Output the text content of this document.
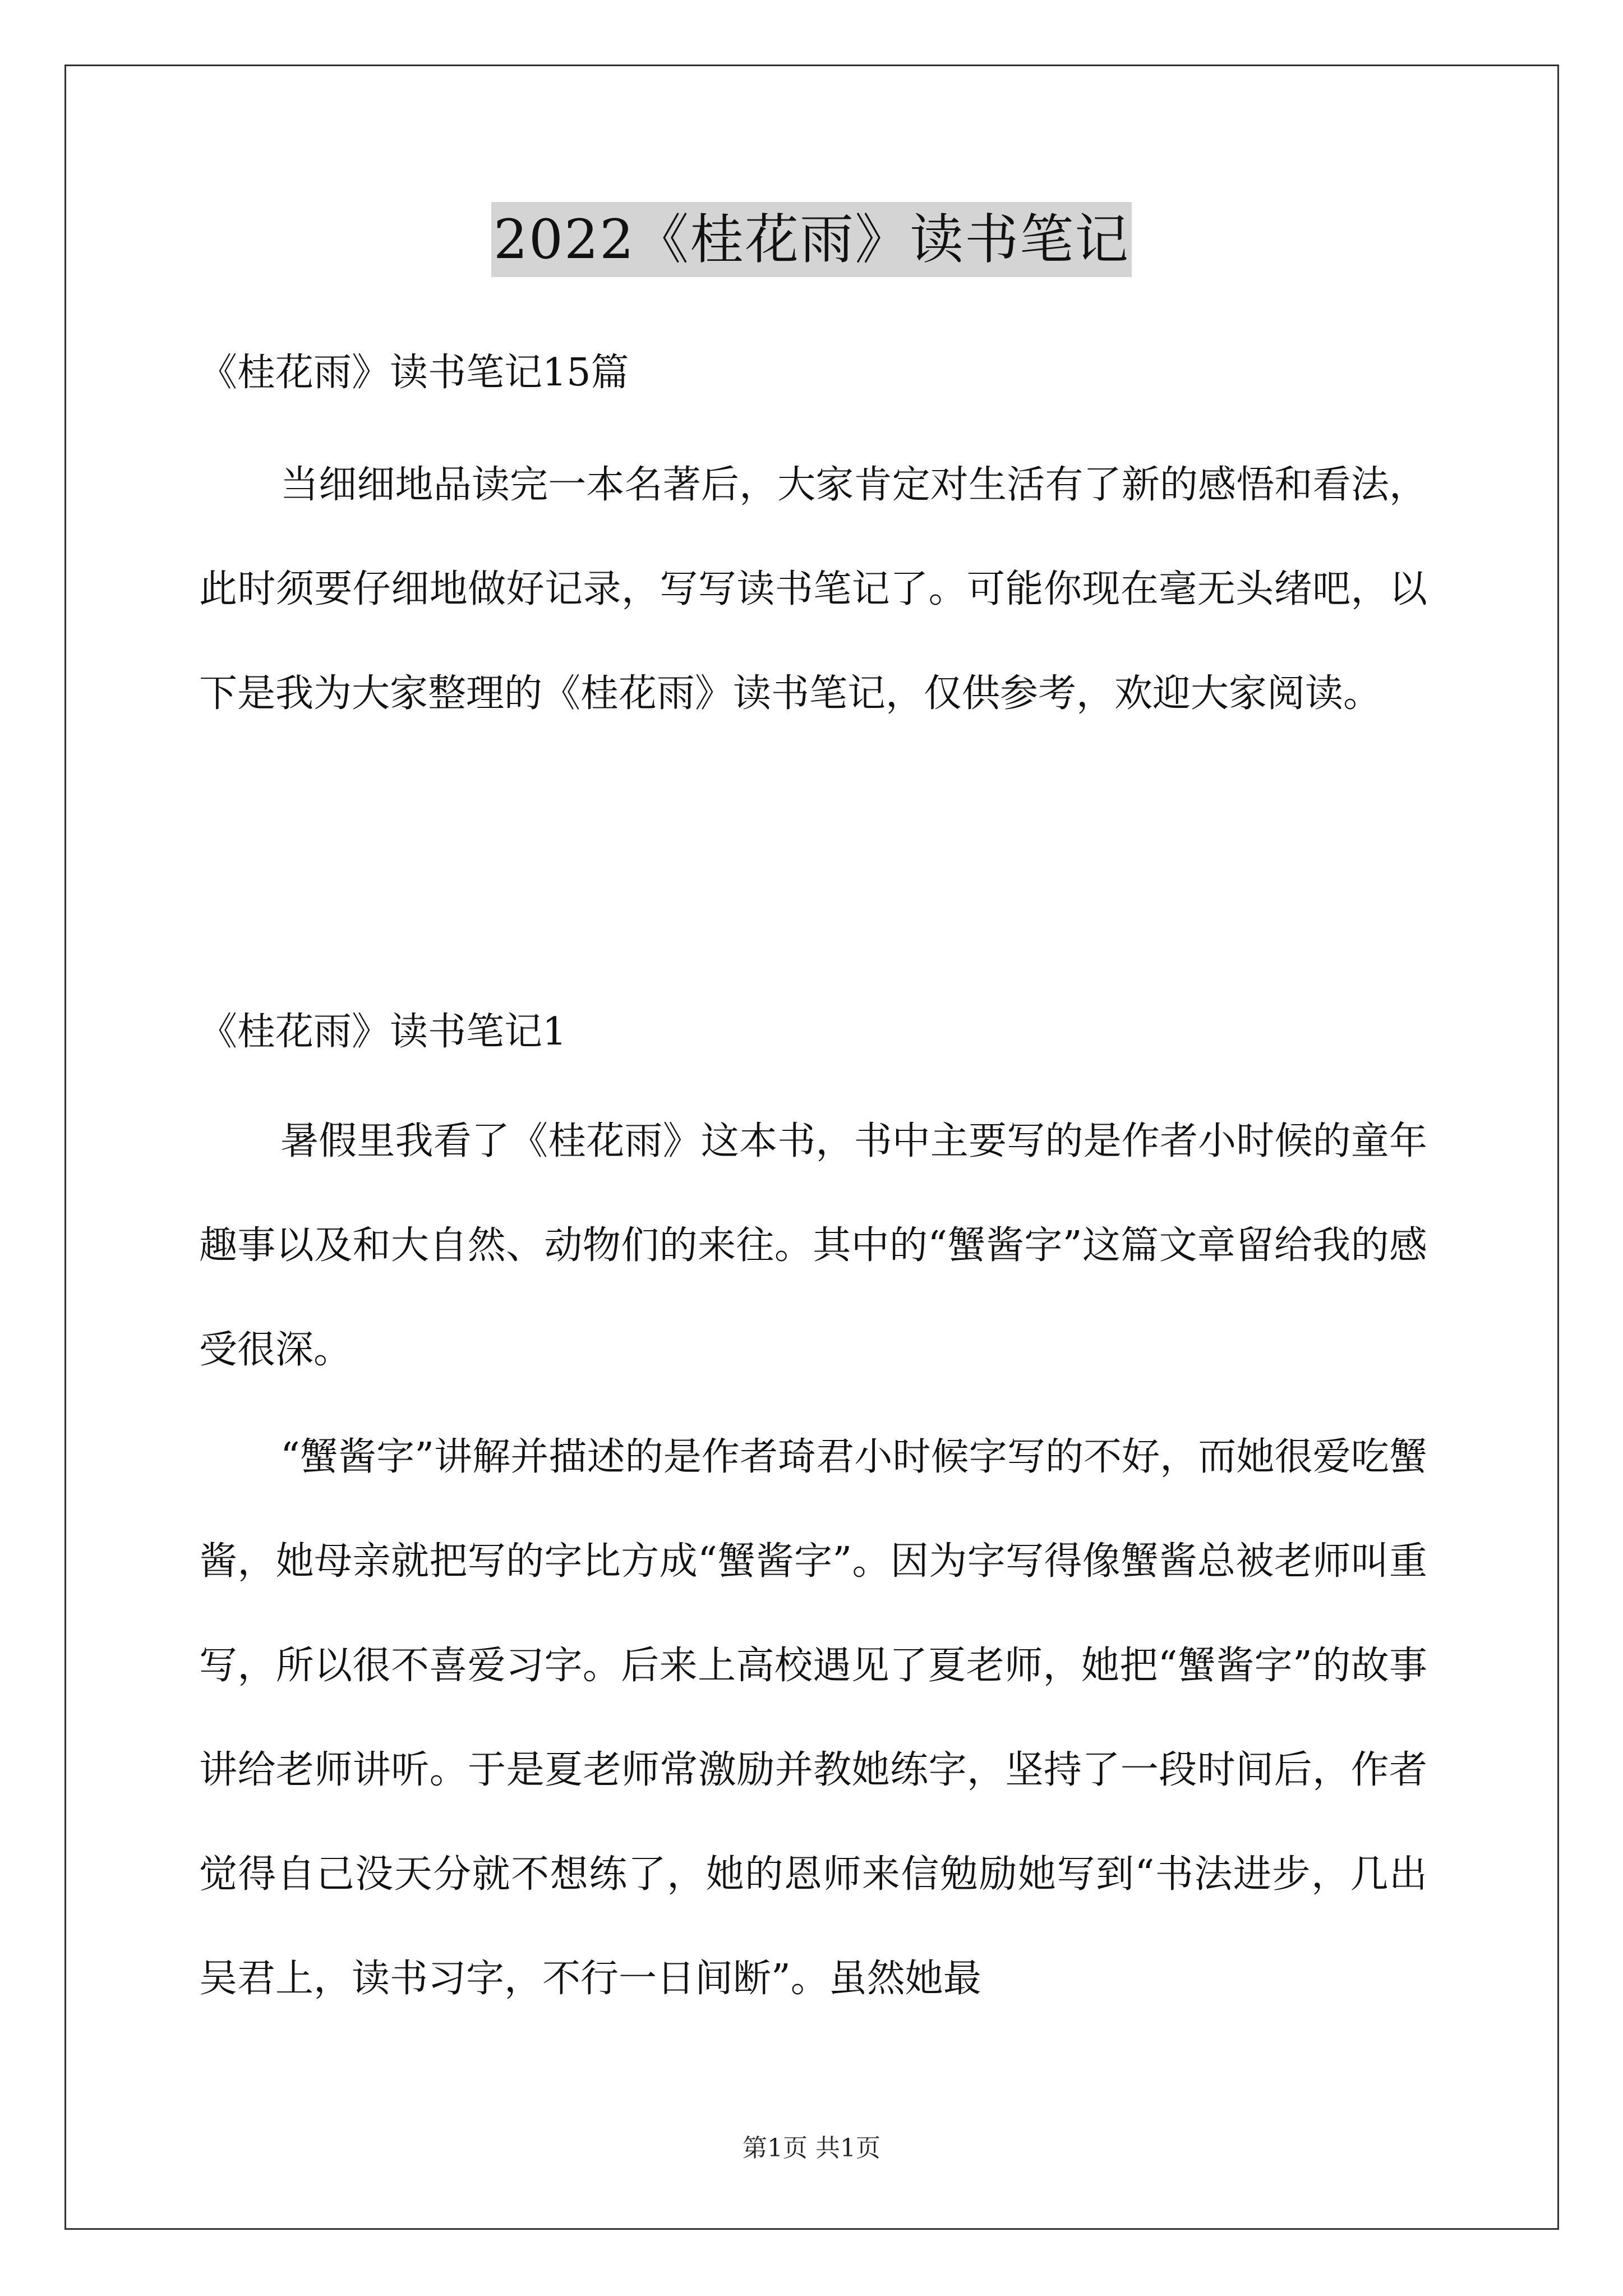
2022《桂花雨》读书笔记

《桂花雨》读书笔记15篇

当细细地品读完一本名著后，大家肯定对生活有了新的感悟和看法，此时须要仔细地做好记录，写写读书笔记了。可能你现在毫无头绪吧，以下是我为大家整理的《桂花雨》读书笔记，仅供参考，欢迎大家阅读。

《桂花雨》读书笔记1

暑假里我看了《桂花雨》这本书，书中主要写的是作者小时候的童年趣事以及和大自然、动物们的来往。其中的“蟹酱字”这篇文章留给我的感受很深。

“蟹酱字”讲解并描述的是作者琦君小时候字写的不好，而她很爱吃蟹酱，她母亲就把写的字比方成“蟹酱字”。因为字写得像蟹酱总被老师叫重写，所以很不喜爱习字。后来上高校遇见了夏老师，她把“蟹酱字”的故事讲给老师讲听。于是夏老师常激励并教她练字，坚持了一段时间后，作者觉得自己没天分就不想练了，她的恩师来信勉励她写到“书法进步，几出吴君上，读书习字，不行一日间断”。虽然她最

第1页 共1页
